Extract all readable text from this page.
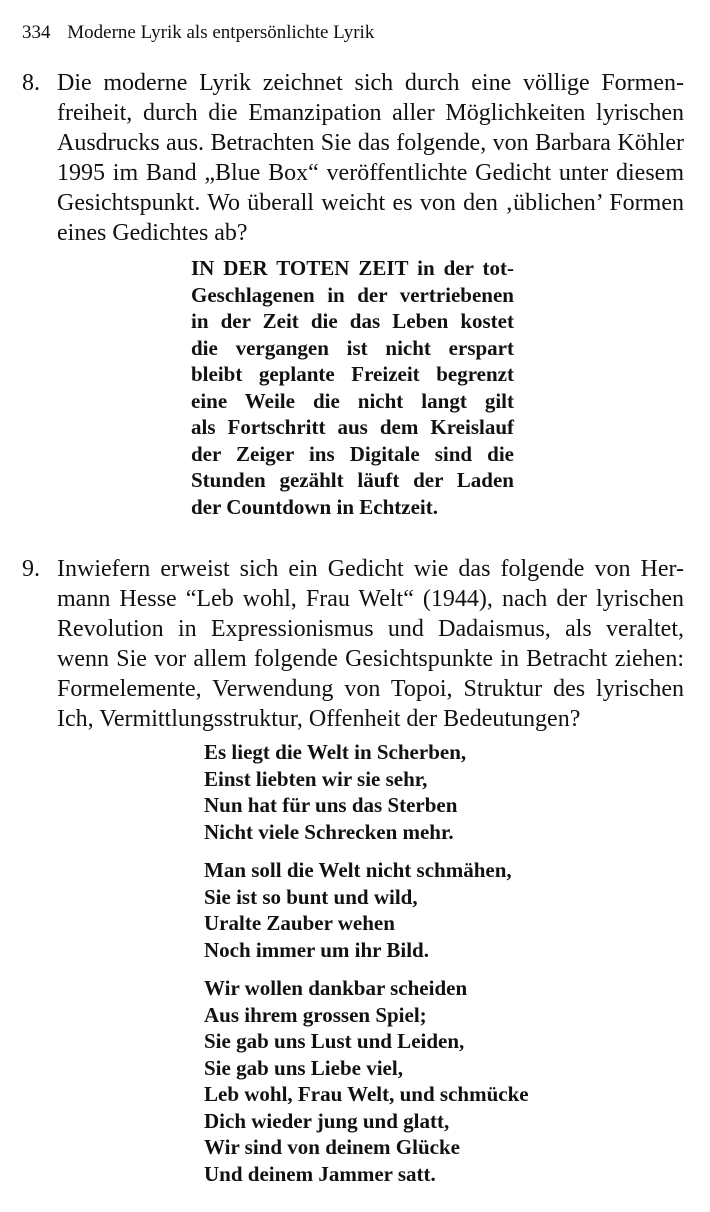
334 Moderne Lyrik als entpersönlichte Lyrik
8. Die moderne Lyrik zeichnet sich durch eine völlige Formen-
freiheit, durch die Emanzipation aller Möglichkeiten lyrischen
Ausdrucks aus. Betrachten Sie das folgende, von Barbara Köhler
1995 im Band „Blue Box“ veröffentlichte Gedicht unter diesem
Gesichtspunkt. Wo überall weicht es von den ‚üblichen’ Formen
eines Gedichtes ab?
IN DER TOTEN ZEIT in der tot-
Geschlagenen in der vertriebenen
in der Zeit die das Leben kostet
die vergangen ist nicht erspart
bleibt geplante Freizeit begrenzt
eine Weile die nicht langt gilt
als Fortschritt aus dem Kreislauf
der Zeiger ins Digitale sind die
Stunden gezählt läuft der Laden
der Countdown in Echtzeit.
9. Inwiefern erweist sich ein Gedicht wie das folgende von Her-
mann Hesse “Leb wohl, Frau Welt“ (1944), nach der lyrischen
Revolution in Expressionismus und Dadaismus, als veraltet,
wenn Sie vor allem folgende Gesichtspunkte in Betracht ziehen:
Formelemente, Verwendung von Topoi, Struktur des lyrischen
Ich, Vermittlungsstruktur, Offenheit der Bedeutungen?
Es liegt die Welt in Scherben,
Einst liebten wir sie sehr,
Nun hat für uns das Sterben
Nicht viele Schrecken mehr.
Man soll die Welt nicht schmähen,
Sie ist so bunt und wild,
Uralte Zauber wehen
Noch immer um ihr Bild.
Wir wollen dankbar scheiden
Aus ihrem grossen Spiel;
Sie gab uns Lust und Leiden,
Sie gab uns Liebe viel,
Leb wohl, Frau Welt, und schmücke
Dich wieder jung und glatt,
Wir sind von deinem Glücke
Und deinem Jammer satt.
